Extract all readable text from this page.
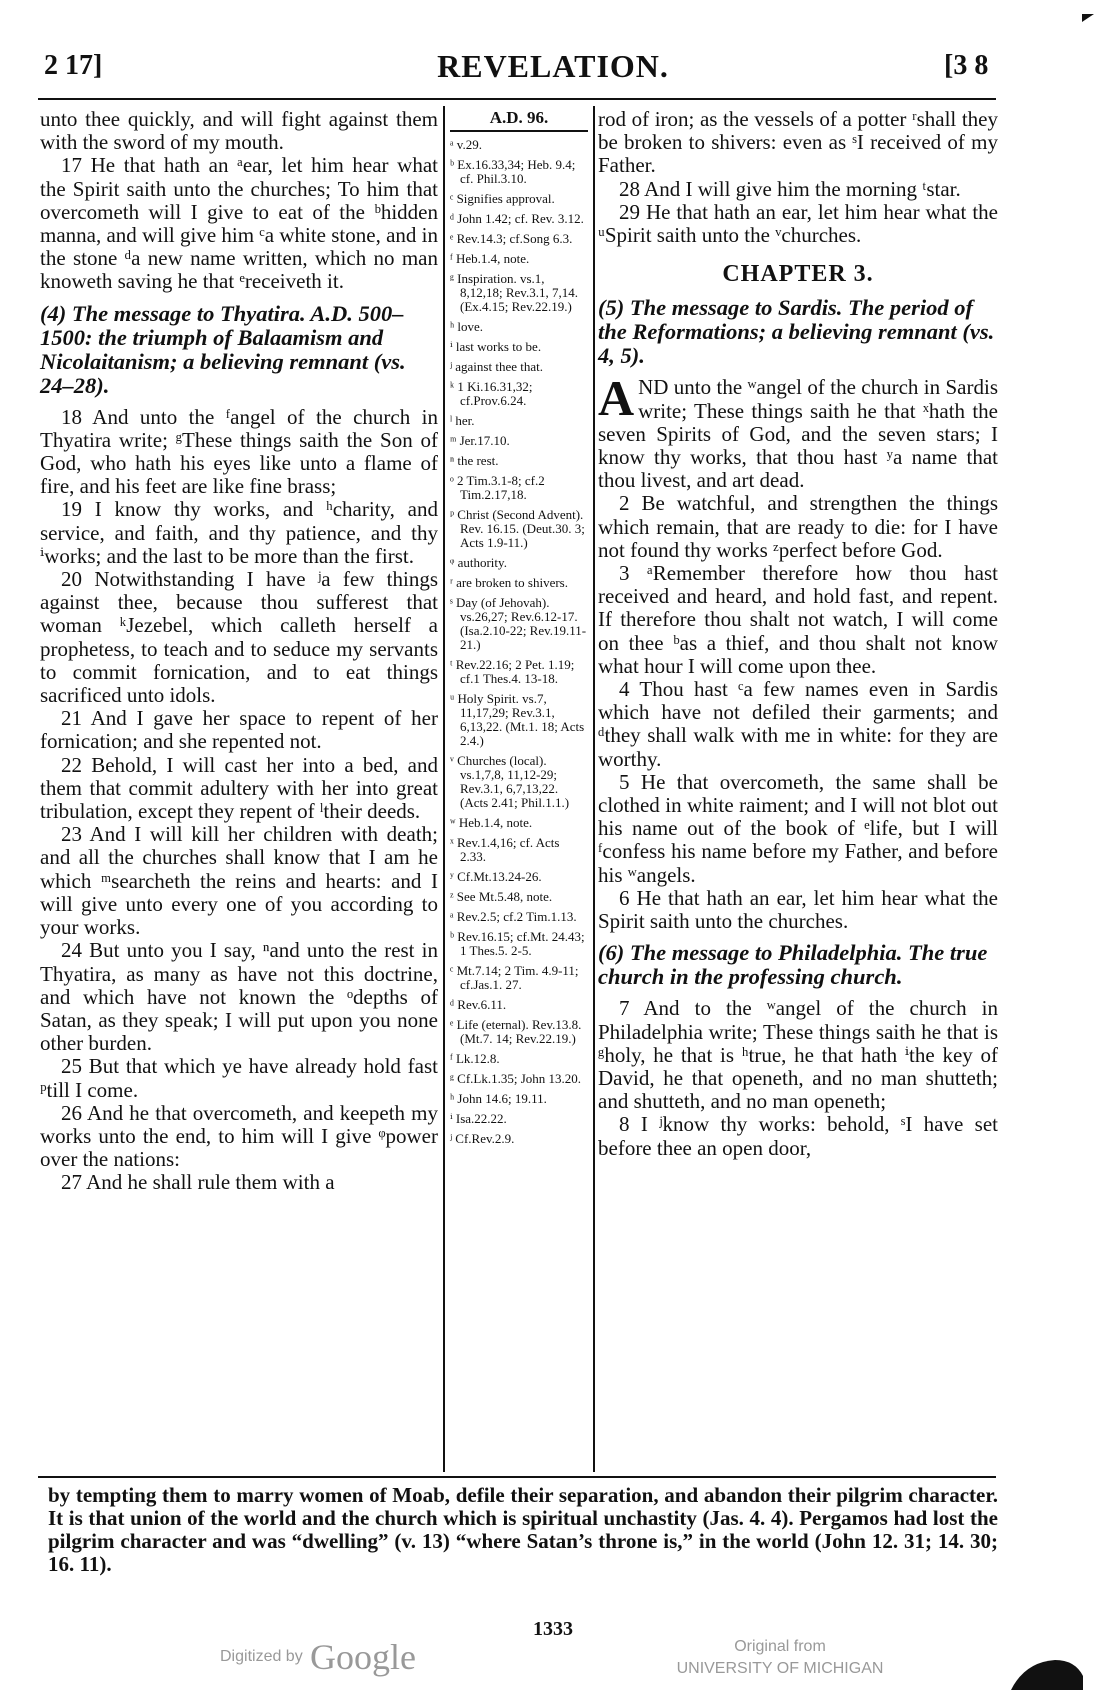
2 17]	REVELATION.	[3 8

unto thee quickly, and will fight against them with the sword of my mouth.

17 He that hath an ᵃear, let him hear what the Spirit saith unto the churches; To him that overcometh will I give to eat of the ᵇhidden manna, and will give him ᶜa white stone, and in the stone ᵈa new name written, which no man knoweth saving he that ᵉreceiveth it.

(4) The message to Thyatira. A.D. 500–1500: the triumph of Balaamism and Nicolaitanism; a believing remnant (vs. 24–28).

18 And unto the ᶠangel of the church in Thyatira write; ᵍThese things saith the Son of God, who hath his eyes like unto a flame of fire, and his feet are like fine brass;

19 I know thy works, and ʰcharity, and service, and faith, and thy patience, and thy ⁱworks; and the last to be more than the first.

20 Notwithstanding I have ʲa few things against thee, because thou sufferest that woman ᵏJezebel, which calleth herself a prophetess, to teach and to seduce my servants to commit fornication, and to eat things sacrificed unto idols.

21 And I gave her space to repent of her fornication; and she repented not.

22 Behold, I will cast her into a bed, and them that commit adultery with her into great tribulation, except they repent of ˡtheir deeds.

23 And I will kill her children with death; and all the churches shall know that I am he which ᵐsearcheth the reins and hearts: and I will give unto every one of you according to your works.

24 But unto you I say, ⁿand unto the rest in Thyatira, as many as have not this doctrine, and which have not known the ᵒdepths of Satan, as they speak; I will put upon you none other burden.

25 But that which ye have already hold fast ᵖtill I come.

26 And he that overcometh, and keepeth my works unto the end, to him will I give ᵠpower over the nations:

27 And he shall rule them with a

A.D. 96.
ᵃ v.29.
ᵇ Ex.16.33,34; Heb. 9.4; cf. Phil.3.10.
ᶜ Signifies approval.
ᵈ John 1.42; cf. Rev. 3.12.
ᵉ Rev.14.3; cf.Song 6.3.
ᶠ Heb.1.4, note.
ᵍ Inspiration. vs.1, 8,12,18; Rev.3.1, 7,14. (Ex.4.15; Rev.22.19.)
ʰ love.
ⁱ last works to be.
ʲ against thee that.
ᵏ 1 Ki.16.31,32; cf.Prov.6.24.
ˡ her.
ᵐ Jer.17.10.
ⁿ the rest.
ᵒ 2 Tim.3.1-8; cf.2 Tim.2.17,18.
ᵖ Christ (Second Advent). Rev. 16.15. (Deut.30. 3; Acts 1.9-11.)
ᵠ authority.
ʳ are broken to shivers.
ˢ Day (of Jehovah). vs.26,27; Rev.6.12-17. (Isa.2.10-22; Rev.19.11-21.)
ᵗ Rev.22.16; 2 Pet. 1.19; cf.1 Thes.4. 13-18.
ᵘ Holy Spirit. vs.7, 11,17,29; Rev.3.1, 6,13,22. (Mt.1. 18; Acts 2.4.)
ᵛ Churches (local). vs.1,7,8, 11,12-29; Rev.3.1, 6,7,13,22. (Acts 2.41; Phil.1.1.)
ʷ Heb.1.4, note.
ˣ Rev.1.4,16; cf. Acts 2.33.
ʸ Cf.Mt.13.24-26.
ᶻ See Mt.5.48, note.
ᵃ Rev.2.5; cf.2 Tim.1.13.
ᵇ Rev.16.15; cf.Mt. 24.43; 1 Thes.5. 2-5.
ᶜ Mt.7.14; 2 Tim. 4.9-11; cf.Jas.1. 27.
ᵈ Rev.6.11.
ᵉ Life (eternal). Rev.13.8. (Mt.7. 14; Rev.22.19.)
ᶠ Lk.12.8.
ᵍ Cf.Lk.1.35; John 13.20.
ʰ John 14.6; 19.11.
ⁱ Isa.22.22.
ʲ Cf.Rev.2.9.

rod of iron; as the vessels of a potter ʳshall they be broken to shivers: even as ˢI received of my Father.

28 And I will give him the morning ᵗstar.

29 He that hath an ear, let him hear what the ᵘSpirit saith unto the ᵛchurches.

CHAPTER 3.

(5) The message to Sardis. The period of the Reformations; a believing remnant (vs. 4, 5).

AND unto the ʷangel of the church in Sardis write; These things saith he that ˣhath the seven Spirits of God, and the seven stars; I know thy works, that thou hast ʸa name that thou livest, and art dead.

2 Be watchful, and strengthen the things which remain, that are ready to die: for I have not found thy works ᶻperfect before God.

3 ᵃRemember therefore how thou hast received and heard, and hold fast, and repent. If therefore thou shalt not watch, I will come on thee ᵇas a thief, and thou shalt not know what hour I will come upon thee.

4 Thou hast ᶜa few names even in Sardis which have not defiled their garments; and ᵈthey shall walk with me in white: for they are worthy.

5 He that overcometh, the same shall be clothed in white raiment; and I will not blot out his name out of the book of ᵉlife, but I will ᶠconfess his name before my Father, and before his ʷangels.

6 He that hath an ear, let him hear what the Spirit saith unto the churches.

(6) The message to Philadelphia. The true church in the professing church.

7 And to the ʷangel of the church in Philadelphia write; These things saith he that is ᵍholy, he that is ʰtrue, he that hath ⁱthe key of David, he that openeth, and no man shutteth; and shutteth, and no man openeth;

8 I ʲknow thy works: behold, ˢI have set before thee an open door,

by tempting them to marry women of Moab, defile their separation, and abandon their pilgrim character. It is that union of the world and the church which is spiritual unchastity (Jas. 4. 4). Pergamos had lost the pilgrim character and was “dwelling” (v. 13) “where Satan’s throne is,” in the world (John 12. 31; 14. 30; 16. 11).
1333
Digitized by Google	Original from
UNIVERSITY OF MICHIGAN
